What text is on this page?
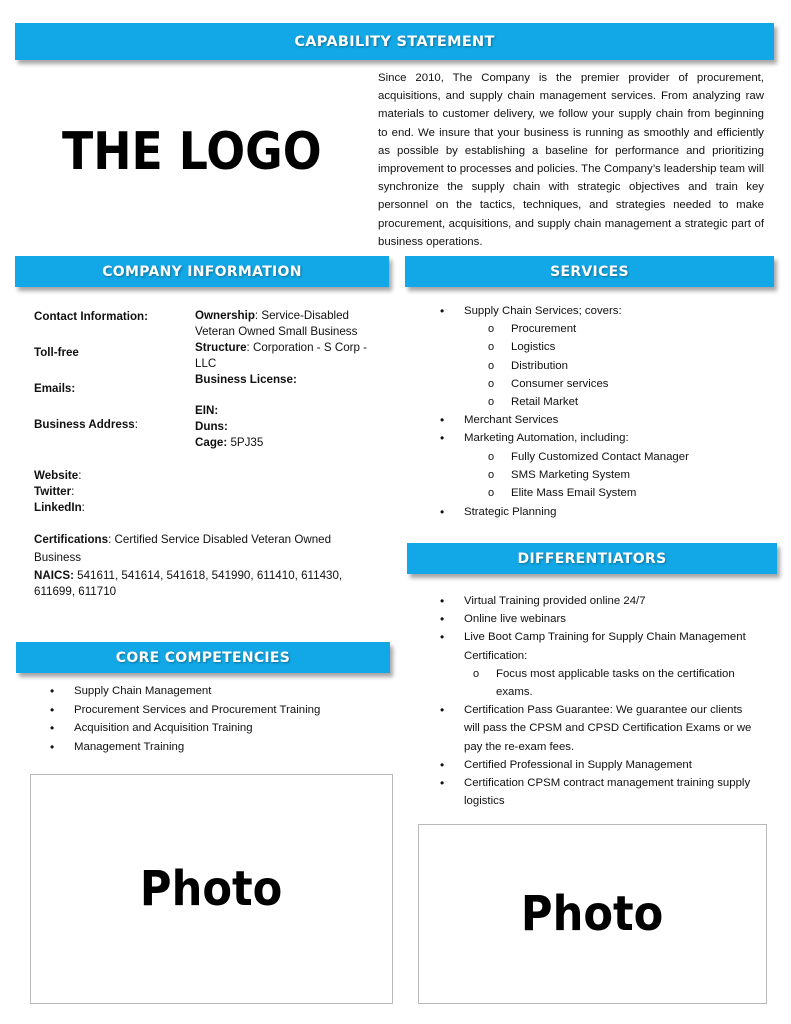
CAPABILITY STATEMENT
THE LOGO
Since 2010, The Company is the premier provider of procurement, acquisitions, and supply chain management services. From analyzing raw materials to customer delivery, we follow your supply chain from beginning to end. We insure that your business is running as smoothly and efficiently as possible by establishing a baseline for performance and prioritizing improvement to processes and policies. The Company’s leadership team will synchronize the supply chain with strategic objectives and train key personnel on the tactics, techniques, and strategies needed to make procurement, acquisitions, and supply chain management a strategic part of business operations.
COMPANY INFORMATION	SERVICES
Contact Information:
Toll-free
Emails:
Business Address:
Ownership: Service-Disabled Veteran Owned Small Business
Structure: Corporation - S Corp - LLC
Business License:
EIN:
Duns:
Cage: 5PJ35
Website:
Twitter:
LinkedIn:
Certifications: Certified Service Disabled Veteran Owned Business
NAICS: 541611, 541614, 541618, 541990, 611410, 611430, 611699, 611710
• Supply Chain Services; covers:
o Procurement
o Logistics
o Distribution
o Consumer services
o Retail Market
• Merchant Services
• Marketing Automation, including:
o Fully Customized Contact Manager
o SMS Marketing System
o Elite Mass Email System
• Strategic Planning
DIFFERENTIATORS
• Virtual Training provided online 24/7
• Online live webinars
• Live Boot Camp Training for Supply Chain Management Certification:
o Focus most applicable tasks on the certification exams.
• Certification Pass Guarantee: We guarantee our clients will pass the CPSM and CPSD Certification Exams or we pay the re-exam fees.
• Certified Professional in Supply Management
• Certification CPSM contract management training supply logistics
CORE COMPETENCIES
• Supply Chain Management
• Procurement Services and Procurement Training
• Acquisition and Acquisition Training
• Management Training
Photo	Photo
